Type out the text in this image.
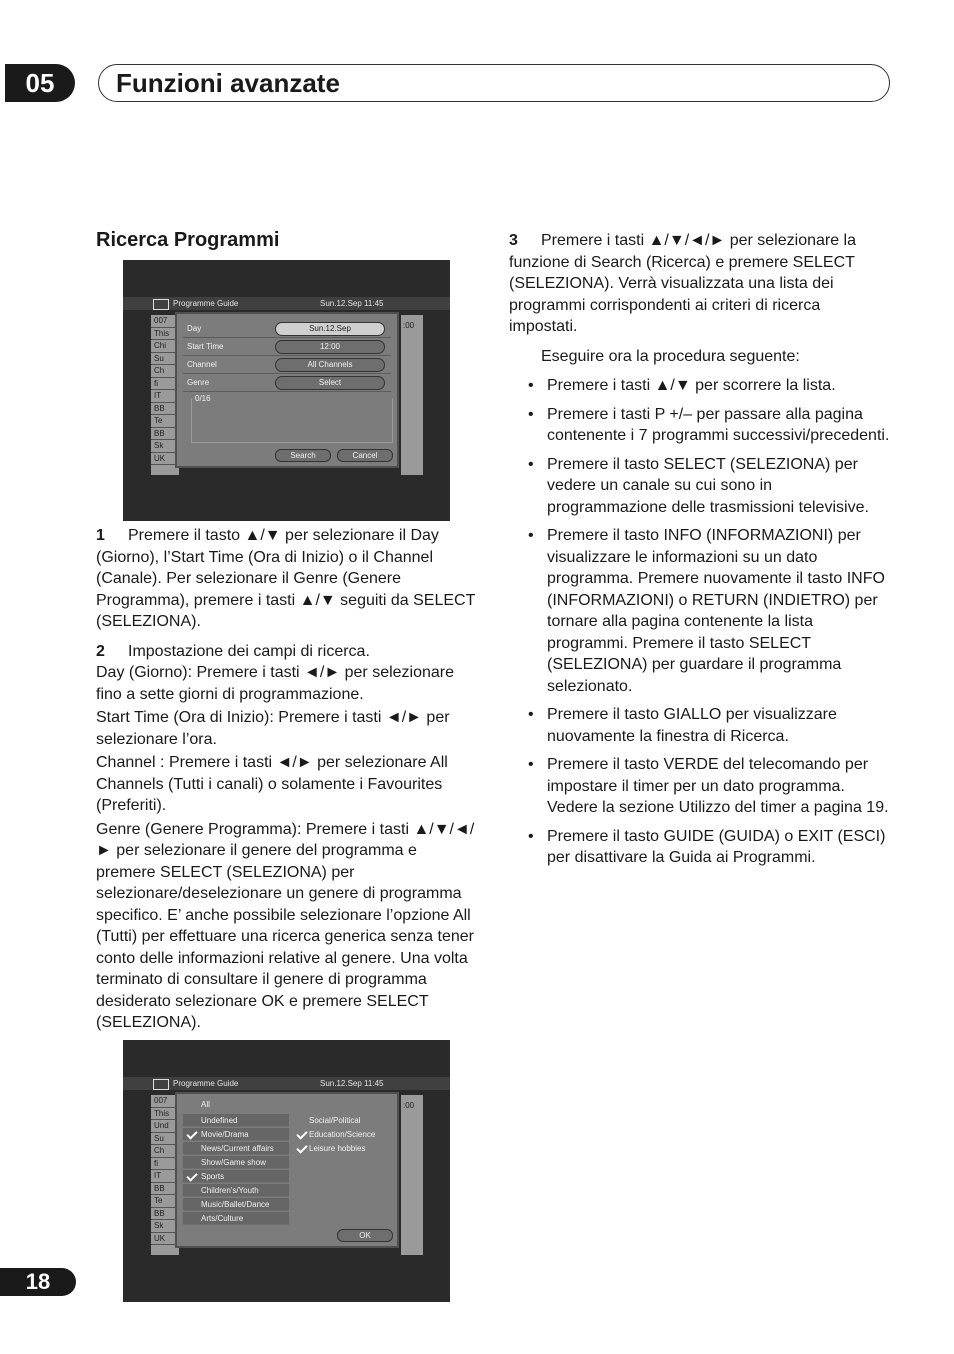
05	Funzioni avanzate
18
Ricerca Programmi
Programme Guide	Sun.12.Sep 11:45
007
This
Chi
Su
Ch
fi
IT
BB
Te
BB
Sk
UK
:00
Day	Sun.12.Sep
Start Time	12:00
Channel	All Channels
Genre	Select
0/16
Search	Cancel
Programme Guide	Sun.12.Sep 11:45
007
This
Und
Su
Ch
fi
IT
BB
Te
BB
Sk
UK
:00
All
Undefined
Movie/Drama
News/Current affairs
Show/Game show
Sports
Children's/Youth
Music/Ballet/Dance
Arts/Culture
Social/Political
Education/Science
Leisure hobbies
OK

1 Premere il tasto ▲/▼ per selezionare il Day (Giorno), l’Start Time (Ora di Inizio) o il Channel (Canale). Per selezionare il Genre (Genere Programma), premere i tasti ▲/▼ seguiti da SELECT (SELEZIONA).

2 Impostazione dei campi di ricerca.

Day (Giorno): Premere i tasti ◄/► per selezionare fino a sette giorni di programmazione.

Start Time (Ora di Inizio): Premere i tasti ◄/► per selezionare l’ora.

Channel : Premere i tasti ◄/► per selezionare All Channels (Tutti i canali) o solamente i Favourites (Preferiti).

Genre (Genere Programma): Premere i tasti ▲/▼/◄/► per selezionare il genere del programma e premere SELECT (SELEZIONA) per selezionare/deselezionare un genere di programma specifico. E’ anche possibile selezionare l’opzione All (Tutti) per effettuare una ricerca generica senza tener conto delle informazioni relative al genere. Una volta terminato di consultare il genere di programma desiderato selezionare OK e premere SELECT (SELEZIONA).

3 Premere i tasti ▲/▼/◄/► per selezionare la funzione di Search (Ricerca) e premere SELECT (SELEZIONA). Verrà visualizzata una lista dei programmi corrispondenti ai criteri di ricerca impostati.

Eseguire ora la procedura seguente:

• Premere i tasti ▲/▼ per scorrere la lista.
• Premere i tasti P +/– per passare alla pagina contenente i 7 programmi successivi/precedenti.
• Premere il tasto SELECT (SELEZIONA) per vedere un canale su cui sono in programmazione delle trasmissioni televisive.
• Premere il tasto INFO (INFORMAZIONI) per visualizzare le informazioni su un dato programma. Premere nuovamente il tasto INFO (INFORMAZIONI) o RETURN (INDIETRO) per tornare alla pagina contenente la lista programmi. Premere il tasto SELECT (SELEZIONA) per guardare il programma selezionato.
• Premere il tasto GIALLO per visualizzare nuovamente la finestra di Ricerca.
• Premere il tasto VERDE del telecomando per impostare il timer per un dato programma. Vedere la sezione Utilizzo del timer a pagina 19.
• Premere il tasto GUIDE (GUIDA) o EXIT (ESCI) per disattivare la Guida ai Programmi.
